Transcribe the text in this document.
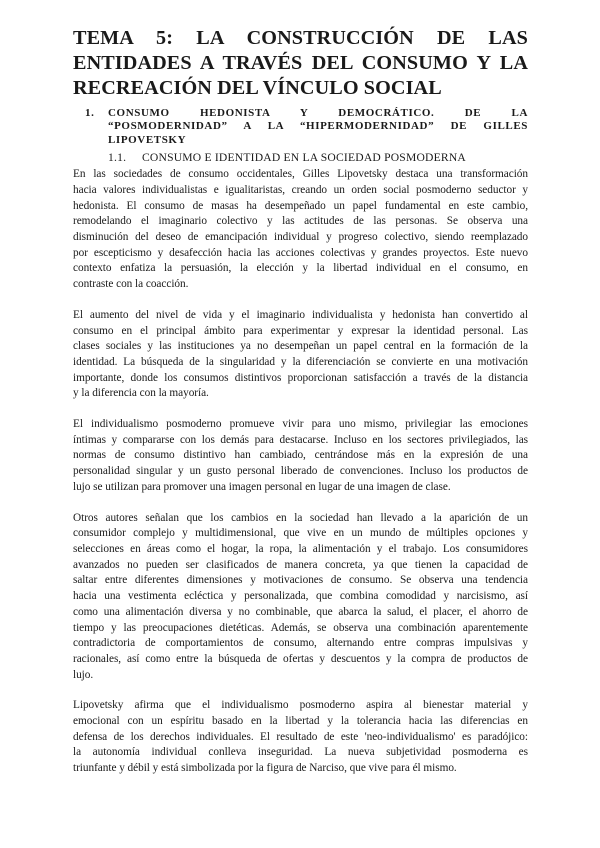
TEMA 5: LA CONSTRUCCIÓN DE LAS
ENTIDADES A TRAVÉS DEL CONSUMO Y LA
RECREACIÓN DEL VÍNCULO SOCIAL
1.	CONSUMO HEDONISTA Y DEMOCRÁTICO. DE LA
“POSMODERNIDAD” A LA “HIPERMODERNIDAD” DE GILLES
LIPOVETSKY
1.1.	CONSUMO E IDENTIDAD EN LA SOCIEDAD POSMODERNA

En las sociedades de consumo occidentales, Gilles Lipovetsky destaca una transformación
hacia valores individualistas e igualitaristas, creando un orden social posmoderno seductor y
hedonista. El consumo de masas ha desempeñado un papel fundamental en este cambio,
remodelando el imaginario colectivo y las actitudes de las personas. Se observa una
disminución del deseo de emancipación individual y progreso colectivo, siendo reemplazado
por escepticismo y desafección hacia las acciones colectivas y grandes proyectos. Este nuevo
contexto enfatiza la persuasión, la elección y la libertad individual en el consumo, en
contraste con la coacción.

El aumento del nivel de vida y el imaginario individualista y hedonista han convertido al
consumo en el principal ámbito para experimentar y expresar la identidad personal. Las
clases sociales y las instituciones ya no desempeñan un papel central en la formación de la
identidad. La búsqueda de la singularidad y la diferenciación se convierte en una motivación
importante, donde los consumos distintivos proporcionan satisfacción a través de la distancia
y la diferencia con la mayoría.

El individualismo posmoderno promueve vivir para uno mismo, privilegiar las emociones
íntimas y compararse con los demás para destacarse. Incluso en los sectores privilegiados, las
normas de consumo distintivo han cambiado, centrándose más en la expresión de una
personalidad singular y un gusto personal liberado de convenciones. Incluso los productos de
lujo se utilizan para promover una imagen personal en lugar de una imagen de clase.

Otros autores señalan que los cambios en la sociedad han llevado a la aparición de un
consumidor complejo y multidimensional, que vive en un mundo de múltiples opciones y
selecciones en áreas como el hogar, la ropa, la alimentación y el trabajo. Los consumidores
avanzados no pueden ser clasificados de manera concreta, ya que tienen la capacidad de
saltar entre diferentes dimensiones y motivaciones de consumo. Se observa una tendencia
hacia una vestimenta ecléctica y personalizada, que combina comodidad y narcisismo, así
como una alimentación diversa y no combinable, que abarca la salud, el placer, el ahorro de
tiempo y las preocupaciones dietéticas. Además, se observa una combinación aparentemente
contradictoria de comportamientos de consumo, alternando entre compras impulsivas y
racionales, así como entre la búsqueda de ofertas y descuentos y la compra de productos de
lujo.

Lipovetsky afirma que el individualismo posmoderno aspira al bienestar material y
emocional con un espíritu basado en la libertad y la tolerancia hacia las diferencias en
defensa de los derechos individuales. El resultado de este 'neo-individualismo' es paradójico:
la autonomía individual conlleva inseguridad. La nueva subjetividad posmoderna es
triunfante y débil y está simbolizada por la figura de Narciso, que vive para él mismo.
